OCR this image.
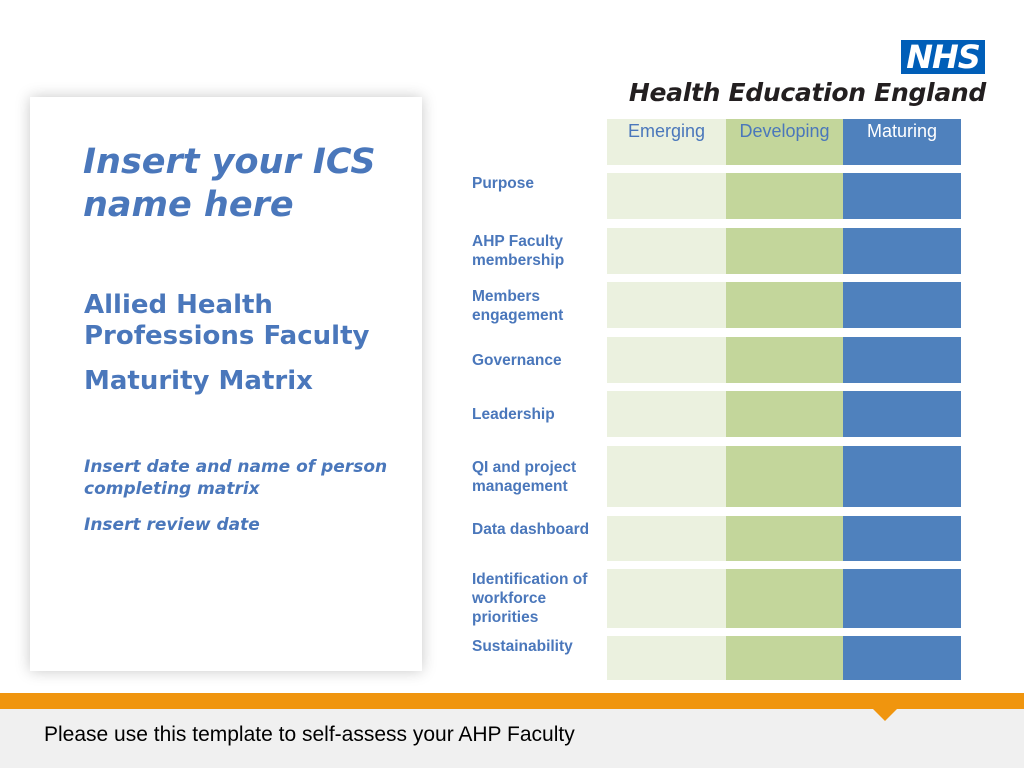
NHS
Health Education England
Insert your ICS name here
Allied Health Professions Faculty
Maturity Matrix
Insert date and name of person completing matrix
Insert review date
Emerging	Developing	Maturing
Purpose
AHP Faculty membership
Members engagement
Governance
Leadership
QI and project management
Data dashboard
Identification of workforce priorities
Sustainability
Please use this template to self-assess your AHP Faculty
